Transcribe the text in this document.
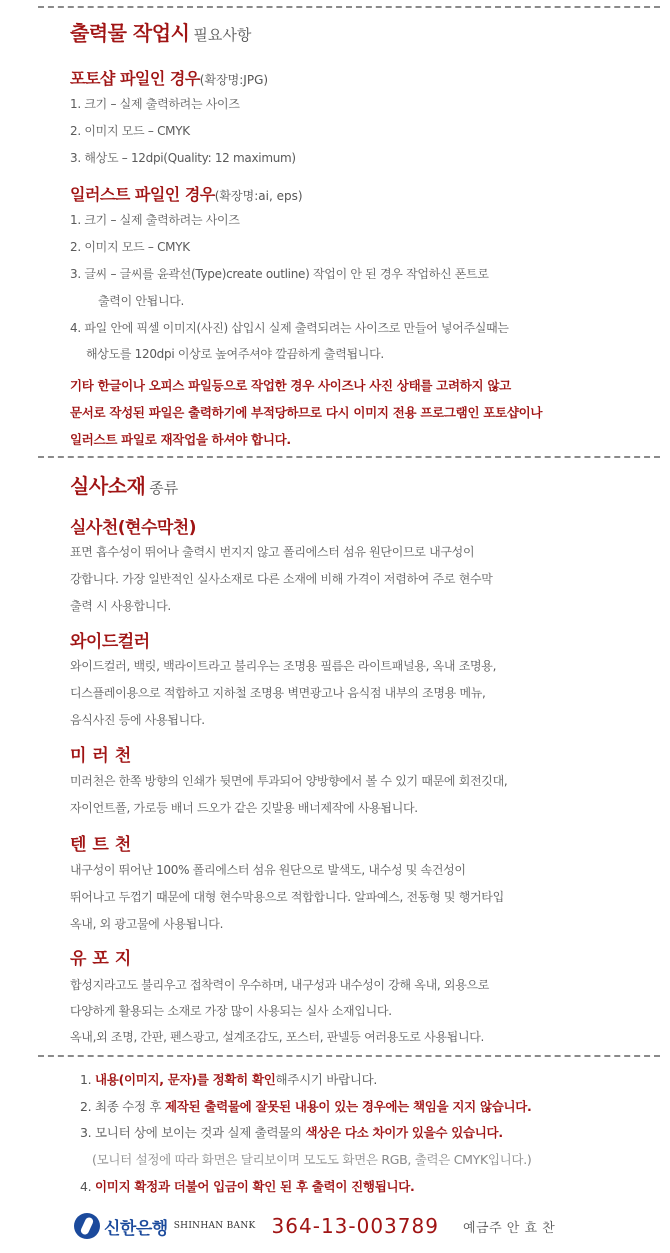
출력물 작업시 필요사항
포토샵 파일인 경우(확장명:JPG)
1. 크기 – 실제 출력하려는 사이즈
2. 이미지 모드 – CMYK
3. 해상도 – 12dpi(Quality: 12 maximum)
일러스트 파일인 경우(확장명:ai, eps)
1. 크기 – 실제 출력하려는 사이즈
2. 이미지 모드 – CMYK
3. 글씨 – 글씨를 윤곽선(Type)create outline) 작업이 안 된 경우 작업하신 폰트로
출력이 안됩니다.
4. 파일 안에 픽셀 이미지(사진) 삽입시 실제 출력되려는 사이즈로 만들어 넣어주실때는
해상도를 120dpi 이상로 높여주셔야 깔끔하게 출력됩니다.
기타 한글이나 오피스 파일등으로 작업한 경우 사이즈나 사진 상태를 고려하지 않고
문서로 작성된 파일은 출력하기에 부적당하므로 다시 이미지 전용 프로그램인 포토샵이나
일러스트 파일로 재작업을 하셔야 합니다.
실사소재 종류
실사천(현수막천)
표면 흡수성이 뛰어나 출력시 번지지 않고 폴리에스터 섬유 원단이므로 내구성이
강합니다. 가장 일반적인 실사소재로 다른 소재에 비해 가격이 저렴하여 주로 현수막
출력 시 사용합니다.
와이드컬러
와이드컬러, 백릿, 백라이트라고 불리우는 조명용 필름은 라이트패널용, 옥내 조명용,
디스플레이용으로 적합하고 지하철 조명용 벽면광고나 음식점 내부의 조명용 메뉴,
음식사진 등에 사용됩니다.
미러천
미러천은 한쪽 방향의 인쇄가 뒷면에 투과되어 양방향에서 볼 수 있기 때문에 회전깃대,
자이언트폴, 가로등 배너 드오가 같은 깃발용 배너제작에 사용됩니다.
텐트천
내구성이 뛰어난 100% 폴리에스터 섬유 원단으로 발색도, 내수성 및 속건성이
뛰어나고 두껍기 때문에 대형 현수막용으로 적합합니다. 알파예스, 전동형 및 행거타입
옥내, 외 광고물에 사용됩니다.
유포지
합성지라고도 불리우고 접착력이 우수하며, 내구성과 내수성이 강해 옥내, 외용으로
다양하게 활용되는 소재로 가장 많이 사용되는 실사 소재입니다.
옥내,외 조명, 간판, 펜스광고, 설계조감도, 포스터, 판넬등 여러용도로 사용됩니다.
1. 내용(이미지, 문자)를 정확히 확인해주시기 바랍니다.
2. 최종 수정 후 제작된 출력물에 잘못된 내용이 있는 경우에는 책임을 지지 않습니다.
3. 모니터 상에 보이는 것과 실제 출력물의 색상은 다소 차이가 있을수 있습니다.
(모니터 설정에 따라 화면은 달리보이며 모도도 화면은 RGB, 출력은 CMYK입니다.)
4. 이미지 확정과 더불어 입금이 확인 된 후 출력이 진행됩니다.
신한은행 SHINHAN BANK 364-13-003789 예금주 안 효 찬
